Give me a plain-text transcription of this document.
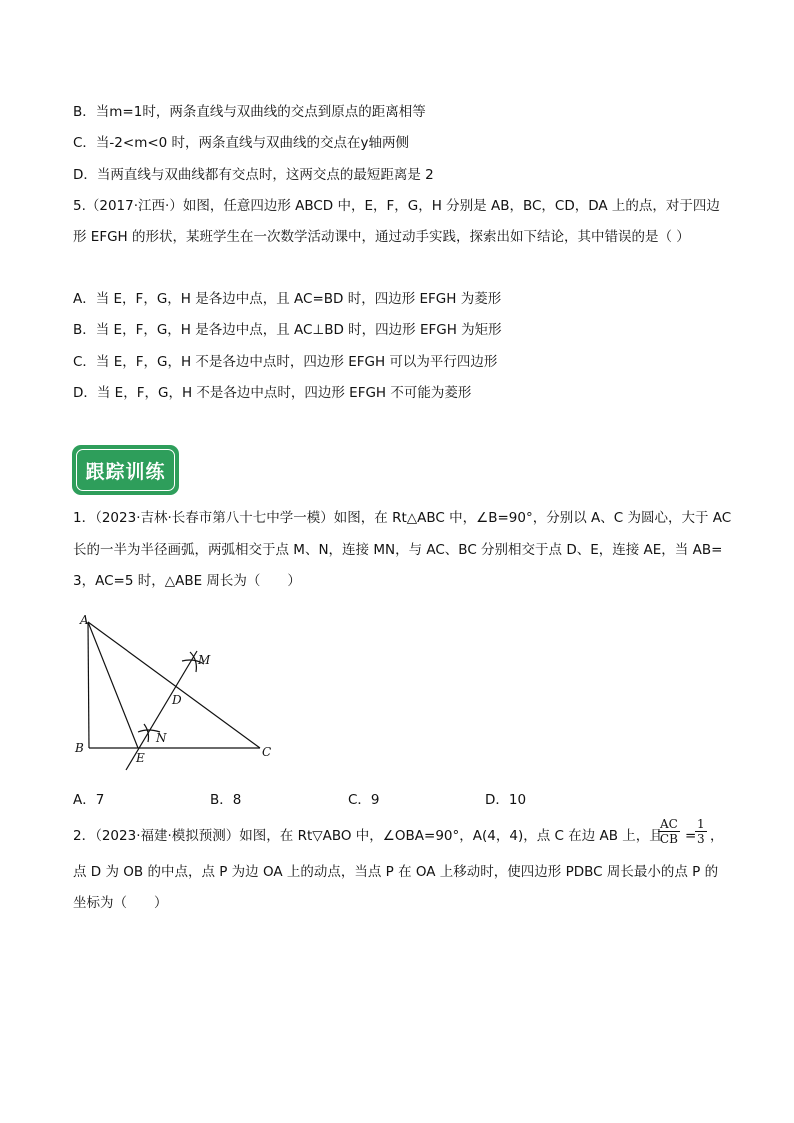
B．当m=1时，两条直线与双曲线的交点到原点的距离相等
C．当-2<m<0 时，两条直线与双曲线的交点在y轴两侧
D．当两直线与双曲线都有交点时，这两交点的最短距离是 2
5.（2017·江西·）如图，任意四边形 ABCD 中，E，F，G，H 分别是 AB，BC，CD，DA 上的点，对于四边
形 EFGH 的形状，某班学生在一次数学活动课中，通过动手实践，探索出如下结论，其中错误的是（ ）
A．当 E，F，G，H 是各边中点，且 AC=BD 时，四边形 EFGH 为菱形
B．当 E，F，G，H 是各边中点，且 AC⊥BD 时，四边形 EFGH 为矩形
C．当 E，F，G，H 不是各边中点时，四边形 EFGH 可以为平行四边形
D．当 E，F，G，H 不是各边中点时，四边形 EFGH 不可能为菱形
跟踪训练
1．（2023·吉林·长春市第八十七中学一模）如图，在 Rt△ABC 中，∠B=90°，分别以 A、C 为圆心，大于 AC
长的一半为半径画弧，两弧相交于点 M、N，连接 MN，与 AC、BC 分别相交于点 D、E，连接 AE，当 AB=
3，AC=5 时，△ABE 周长为（　　）
A
B	C
D
E
M
N
A．7	B．8	C．9	D．10
2．（2023·福建·模拟预测）如图，在 Rt▽ABO 中，∠OBA=90°，A(4，4)，点 C 在边 AB 上，且
$\frac{AC}{CB}$ =
$\frac{1}{3}$ ，
点 D 为 OB 的中点，点 P 为边 OA 上的动点，当点 P 在 OA 上移动时，使四边形 PDBC 周长最小的点 P 的
坐标为（　　）
